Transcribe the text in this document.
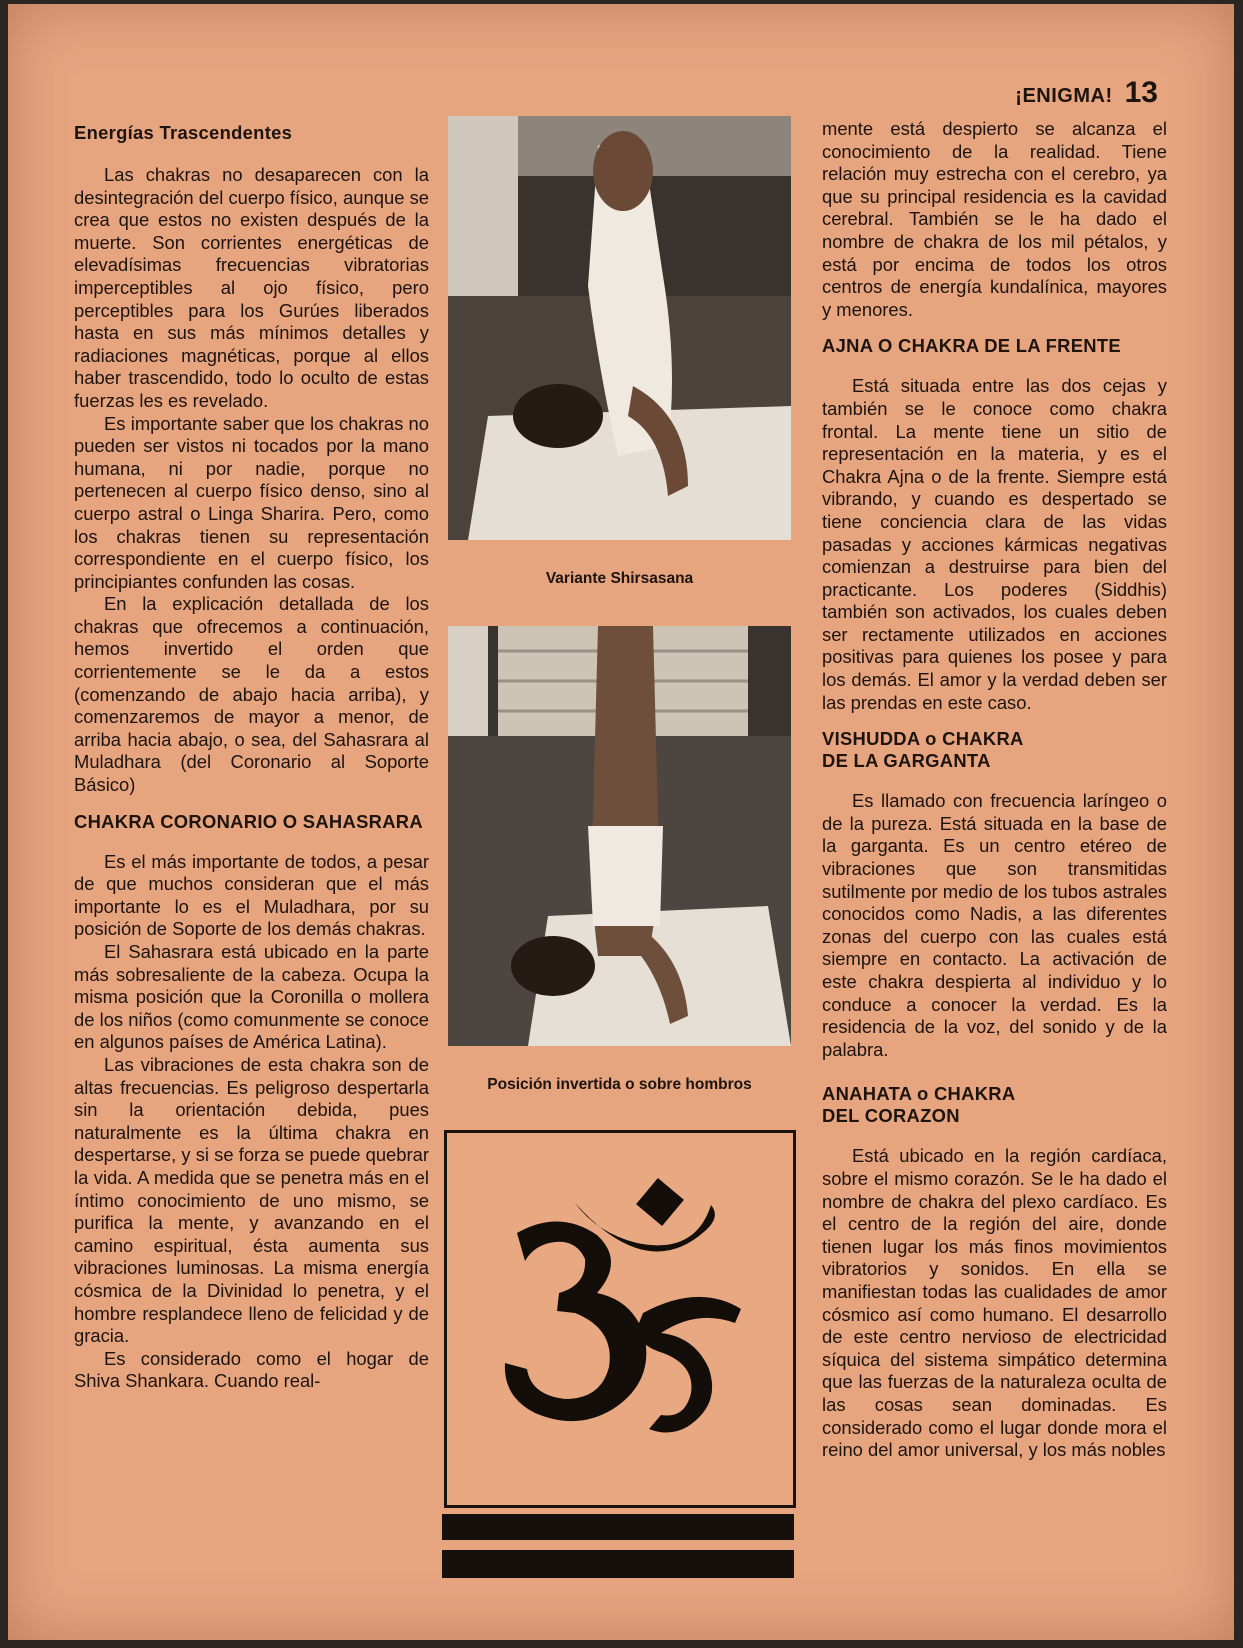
¡ENIGMA! 13
Energías Trascendentes

Las chakras no desaparecen con la desintegración del cuerpo físico, aunque se crea que estos no existen después de la muerte. Son corrientes energéticas de elevadísimas frecuencias vibratorias imperceptibles al ojo físico, pero perceptibles para los Gurúes liberados hasta en sus más mínimos detalles y radiaciones magnéticas, porque al ellos haber trascendido, todo lo oculto de estas fuerzas les es revelado.

Es importante saber que los chakras no pueden ser vistos ni tocados por la mano humana, ni por nadie, porque no pertenecen al cuerpo físico denso, sino al cuerpo astral o Linga Sharira. Pero, como los chakras tienen su representación correspondiente en el cuerpo físico, los principiantes confunden las cosas.

En la explicación detallada de los chakras que ofrecemos a continuación, hemos invertido el orden que corrientemente se le da a estos (comenzando de abajo hacia arriba), y comenzaremos de mayor a menor, de arriba hacia abajo, o sea, del Sahasrara al Muladhara (del Coronario al Soporte Básico)

CHAKRA CORONARIO O SAHASRARA

Es el más importante de todos, a pesar de que muchos consideran que el más importante lo es el Muladhara, por su posición de Soporte de los demás chakras.

El Sahasrara está ubicado en la parte más sobresaliente de la cabeza. Ocupa la misma posición que la Coronilla o mollera de los niños (como comunmente se conoce en algunos países de América Latina).

Las vibraciones de esta chakra son de altas frecuencias. Es peligroso despertarla sin la orientación debida, pues naturalmente es la última chakra en despertarse, y si se forza se puede quebrar la vida. A medida que se penetra más en el íntimo conocimiento de uno mismo, se purifica la mente, y avanzando en el camino espiritual, ésta aumenta sus vibraciones luminosas. La misma energía cósmica de la Divinidad lo penetra, y el hombre resplandece lleno de felicidad y de gracia.

Es considerado como el hogar de Shiva Shankara. Cuando real-

Variante Shirsasana
Posición invertida o sobre hombros

mente está despierto se alcanza el conocimiento de la realidad. Tiene relación muy estrecha con el cerebro, ya que su principal residencia es la cavidad cerebral. También se le ha dado el nombre de chakra de los mil pétalos, y está por encima de todos los otros centros de energía kundalínica, mayores y menores.

AJNA O CHAKRA DE LA FRENTE

Está situada entre las dos cejas y también se le conoce como chakra frontal. La mente tiene un sitio de representación en la materia, y es el Chakra Ajna o de la frente. Siempre está vibrando, y cuando es despertado se tiene conciencia clara de las vidas pasadas y acciones kármicas negativas comienzan a destruirse para bien del practicante. Los poderes (Siddhis) también son activados, los cuales deben ser rectamente utilizados en acciones positivas para quienes los posee y para los demás. El amor y la verdad deben ser las prendas en este caso.

VISHUDDA o CHAKRA
DE LA GARGANTA

Es llamado con frecuencia laríngeo o de la pureza. Está situada en la base de la garganta. Es un centro etéreo de vibraciones que son transmitidas sutilmente por medio de los tubos astrales conocidos como Nadis, a las diferentes zonas del cuerpo con las cuales está siempre en contacto. La activación de este chakra despierta al individuo y lo conduce a conocer la verdad. Es la residencia de la voz, del sonido y de la palabra.

ANAHATA o CHAKRA
DEL CORAZON

Está ubicado en la región cardíaca, sobre el mismo corazón. Se le ha dado el nombre de chakra del plexo cardíaco. Es el centro de la región del aire, donde tienen lugar los más finos movimientos vibratorios y sonidos. En ella se manifiestan todas las cualidades de amor cósmico así como humano. El desarrollo de este centro nervioso de electricidad síquica del sistema simpático determina que las fuerzas de la naturaleza oculta de las cosas sean dominadas. Es considerado como el lugar donde mora el reino del amor universal, y los más nobles
